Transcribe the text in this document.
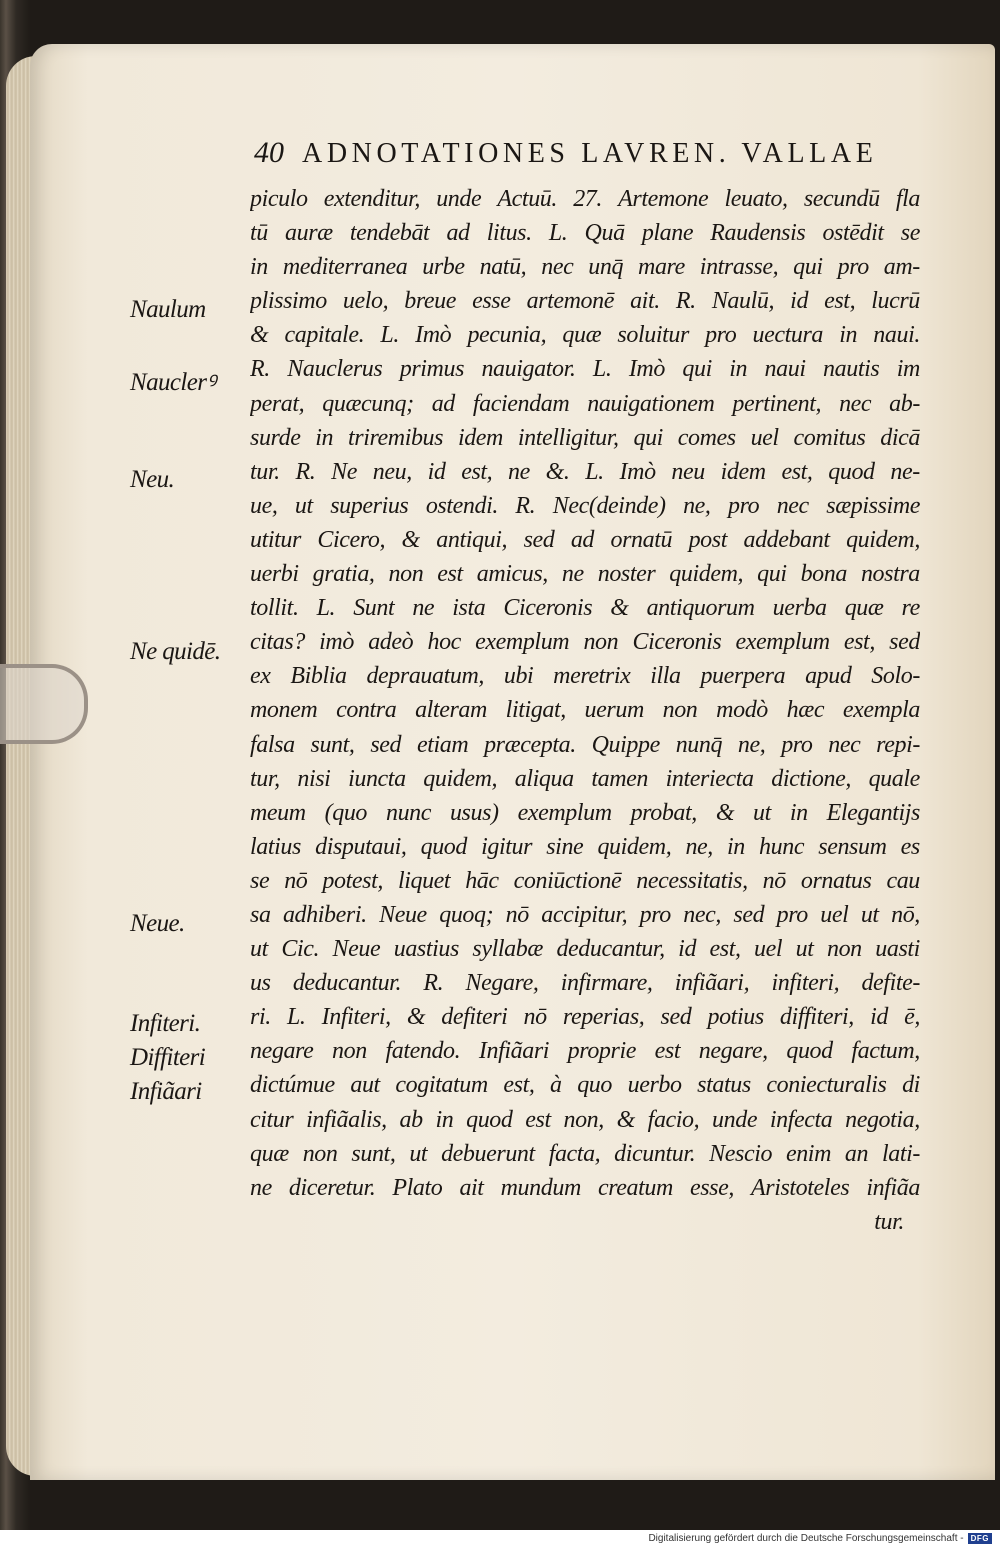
40 ADNOTATIONES LAVREN. VALLAE
Naulum
Nauclerꝰ
Neu.
Ne quidē.
Neue.
Infiteri.
Diffiteri
Infiãari
piculo extenditur, unde Actuū. 27. Artemone leuato, secundū fla
tū auræ tendebāt ad litus. L. Quā plane Raudensis ostēdit se
in mediterranea urbe natū, nec unq̄ mare intrasse, qui pro am-
plissimo uelo, breue esse artemonē ait. R. Naulū, id est, lucrū
& capitale. L. Imò pecunia, quæ soluitur pro uectura in naui.
R. Nauclerus primus nauigator. L. Imò qui in naui nautis im
perat, quæcunq; ad faciendam nauigationem pertinent, nec ab-
surde in triremibus idem intelligitur, qui comes uel comitus dicā
tur. R. Ne neu, id est, ne &. L. Imò neu idem est, quod ne-
ue, ut superius ostendi. R. Nec(deinde) ne, pro nec sæpissime
utitur Cicero, & antiqui, sed ad ornatū post addebant quidem,
uerbi gratia, non est amicus, ne noster quidem, qui bona nostra
tollit. L. Sunt ne ista Ciceronis & antiquorum uerba quæ re
citas? imò adeò hoc exemplum non Ciceronis exemplum est, sed
ex Biblia deprauatum, ubi meretrix illa puerpera apud Solo-
monem contra alteram litigat, uerum non modò hæc exempla
falsa sunt, sed etiam præcepta. Quippe nunq̄ ne, pro nec repi-
tur, nisi iuncta quidem, aliqua tamen interiecta dictione, quale
meum (quo nunc usus) exemplum probat, & ut in Elegantijs
latius disputaui, quod igitur sine quidem, ne, in hunc sensum es
se nō potest, liquet hāc coniūctionē necessitatis, nō ornatus cau
sa adhiberi. Neue quoq; nō accipitur, pro nec, sed pro uel ut nō,
ut Cic. Neue uastius syllabæ deducantur, id est, uel ut non uasti
us deducantur. R. Negare, infirmare, infiãari, infiteri, defite-
ri. L. Infiteri, & defiteri nō reperias, sed potius diffiteri, id ē,
negare non fatendo. Infiãari proprie est negare, quod factum,
dictúmue aut cogitatum est, à quo uerbo status coniecturalis di
citur infiãalis, ab in quod est non, & facio, unde infecta negotia,
quæ non sunt, ut debuerunt facta, dicuntur. Nescio enim an lati-
ne diceretur. Plato ait mundum creatum esse, Aristoteles infiãa
tur.
Digitalisierung gefördert durch die Deutsche Forschungsgemeinschaft - DFG
